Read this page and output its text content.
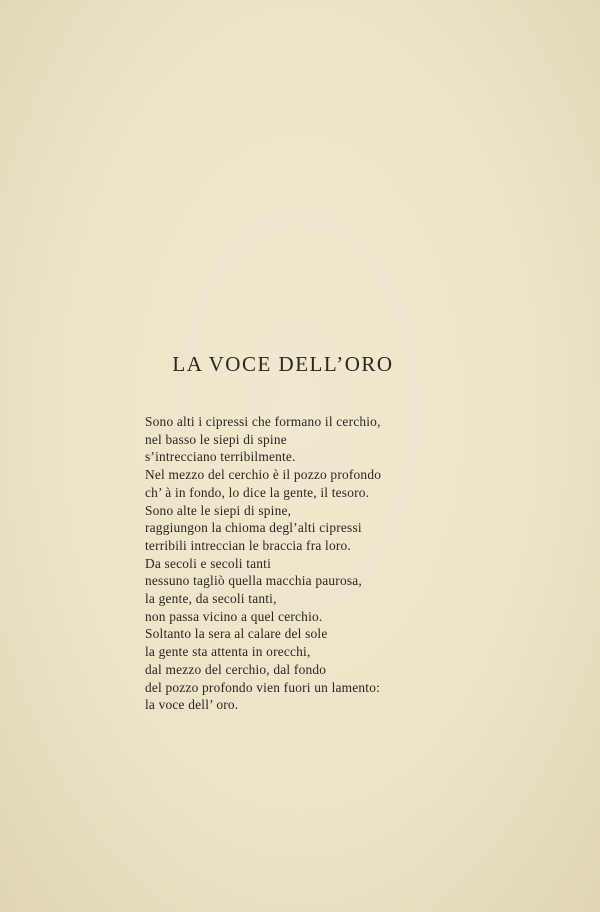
LA VOCE DELL’ORO
Sono alti i cipressi che formano il cerchio,
nel basso le siepi di spine
s’intrecciano terribilmente.
Nel mezzo del cerchio è il pozzo profondo
ch’ à in fondo, lo dice la gente, il tesoro.
Sono alte le siepi di spine,
raggiungon la chioma degl’alti cipressi
terribili intreccian le braccia fra loro.
Da secoli e secoli tanti
nessuno tagliò quella macchia paurosa,
la gente, da secoli tanti,
non passa vicino a quel cerchio.
Soltanto la sera al calare del sole
la gente sta attenta in orecchi,
dal mezzo del cerchio, dal fondo
del pozzo profondo vien fuori un lamento:
la voce dell’ oro.
